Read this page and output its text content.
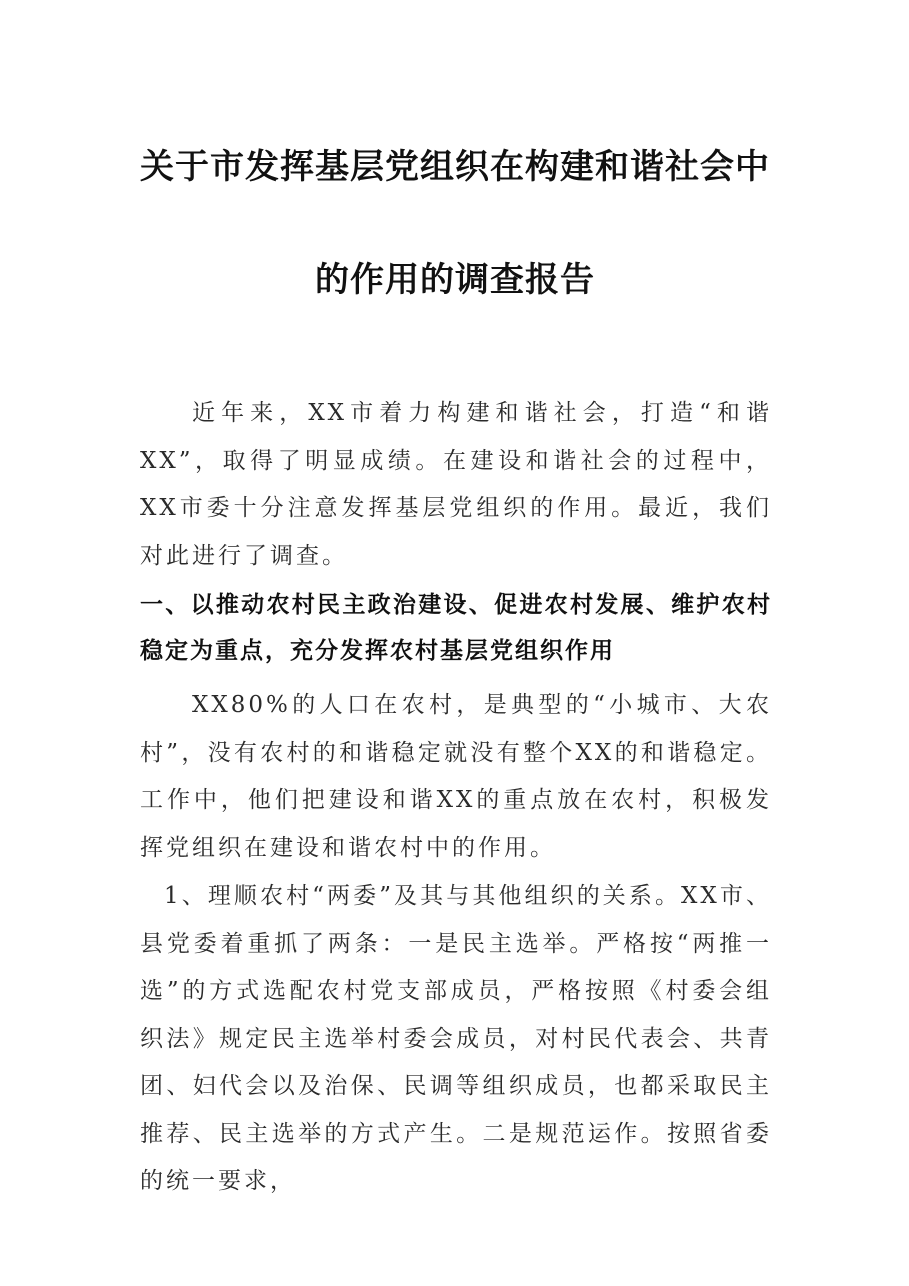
关于市发挥基层党组织在构建和谐社会中
的作用的调查报告

近年来，XX市着力构建和谐社会，打造“和谐XX”，取得了明显成绩。在建设和谐社会的过程中，XX市委十分注意发挥基层党组织的作用。最近，我们对此进行了调查。

一、以推动农村民主政治建设、促进农村发展、维护农村稳定为重点，充分发挥农村基层党组织作用

XX80%的人口在农村，是典型的“小城市、大农村”，没有农村的和谐稳定就没有整个XX的和谐稳定。工作中，他们把建设和谐XX的重点放在农村，积极发挥党组织在建设和谐农村中的作用。

1、理顺农村“两委”及其与其他组织的关系。XX市、县党委着重抓了两条：一是民主选举。严格按“两推一选”的方式选配农村党支部成员，严格按照《村委会组织法》规定民主选举村委会成员，对村民代表会、共青团、妇代会以及治保、民调等组织成员，也都采取民主推荐、民主选举的方式产生。二是规范运作。按照省委的统一要求，
